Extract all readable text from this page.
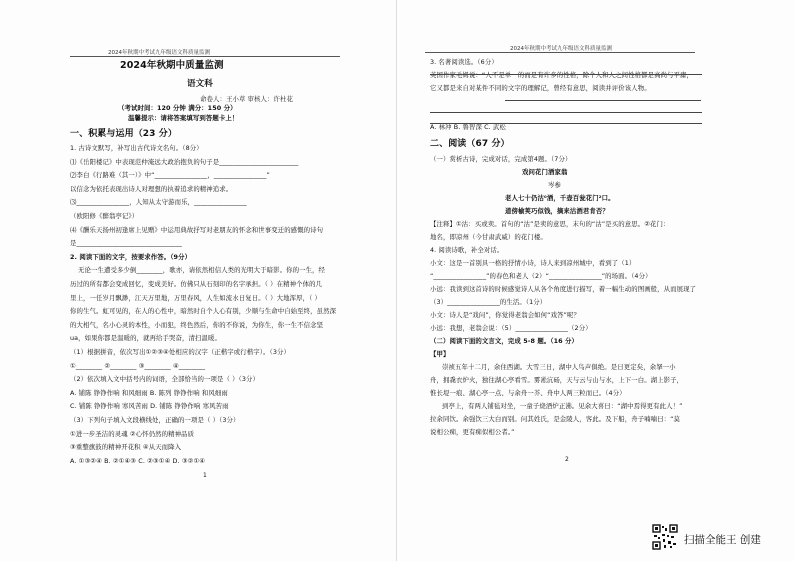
2024年秋期中考试九年级语文科质量监测
2024年秋期中考试九年级语文科质量监测
2024年秋期中质量监测
语文科
命卷人：王小草 审核人：许杜花
（考试时间：120 分钟 满分：150 分）
温馨提示：请将答案填写到答题卡上！
一、积累与运用（23 分）
1. 古诗文默写，补写出古代诗文名句。（8分）
⑴《岳阳楼记》中表现范仲淹远大政治抱负的句子是________________________
⑵李白《行路难（其一）》中“________________，________________”
以信念为依托表现出诗人对理想的执着追求的精神追求。
⑶________________，人知从太守游而乐，________________
（欧阳修《醉翁亭记》）
⑷《酬乐天扬州初逢席上见赠》中运用典故抒写对老朋友的怀念和世事变迁的感慨的诗句
是________________________________
2. 阅读下面的文字，按要求作答。（9分）
无论一生遭受多少倒________，歌亦，请依然相信人类的光明大于暗影。你的一生，经
历过的所有都会变成回忆，变成美好。仿佛只从石刻印的名字承担。（ ）在精神个体的几
里上，一任岁月飘渺，江天万里地，万里春风，人生如流水日复日。（ ）大地浑厚，（ ）
你的生气。虹可见的，在人的心性中，暗然时自个人心有别，少顺与生命中自始至终，虽然深
的大相气，名小心灵的本性，小而犯，终色然后，你的不你说，为你生，你一生不信念坚
ua，如果你都是温暖的，就再给手哭奋，清扫温暖。
（1）根据拼音，依次写出①②③④处相应的汉字（正楷字或行楷字）。（3分）
①________ ②________ ③________ ④________
（2）依次填入文中括号内的词语，全部恰当的一项是（ ）（3分）
A. 铺陈 铮铮作响 和风细雨 B. 陈列 铮铮作响 和风细雨
C. 铺陈 铮铮作响 寒风苦雨 D. 铺陈 铮铮作响 寒风苦雨
（3）下列句子填入文段横线处，正确的一项是（ ）（3分）
①进一步圣洁的灵魂 ②心怀仍然的精神品质
③重整旗鼓的精神开花积 ④从天而降入
A. ①③②④ B. ②①④③ C. ②③①④ D. ③②①④
1
3. 名著阅读选。（6分）
英国作家毛姆说：“人不是单一的而是有许多的性格，除个人和人之间性格都是高尚与平庸，
它又都是来自对某件不同的文字的理解记，曾经有意思，阅读并评价该人物。
A. 林冲 B. 鲁智深 C. 武松
二、阅读（67 分）
（一）赏析古诗，完成对话，完成第4题。（7分）
戏问花门酒家翁
岑参
老人七十仍沽⁰酒，千壶百瓮花门²口。
道傍榆荚巧似钱，摘来沽酒君肯否？
【注释】①沽：买或卖。首句的“沽”是卖的意思，末句的“沽”是买的意思。②花门：
地名，即凉州（今甘肃武威）的花门楼。
4. 阅读诗歌，补全对话。
小文：这是一首别具一格的抒情小诗，诗人来到凉州城中，看到了（1）
“________________”的春色和老人（2）“________________”的场面。（4分）
小远：我读到这首诗的时候感觉诗人从各个角度进行描写，着一幅生动的图画般，从而展现了
（3）________________的生活。（1分）
小文：诗人是“戏问”，你觉得老翁会如何“戏答”呢？
小远：我想，老翁会说：（5）________________（2分）
（二）阅读下面的文言文，完成 5-8 题。（16 分）
【甲】
崇祯五年十二月，余住西湖。大雪三日，湖中人鸟声俱绝。是日更定矣，余拏一小
舟，拥毳衣炉火，独往湖心亭看雪。雾凇沆砀，天与云与山与水，上下一白。湖上影子，
惟长堤一痕、湖心亭一点、与余舟一芥、舟中人两三粒而已。（4分）
到亭上，有两人铺毡对坐，一童子烧酒炉正沸。见余大喜曰：“湖中焉得更有此人！”
拉余同饮。余强饮三大白而别。问其姓氏，是金陵人，客此。及下船，舟子喃喃曰：“莫
说相公痴，更有痴似相公者。”
2
扫描全能王 创建
